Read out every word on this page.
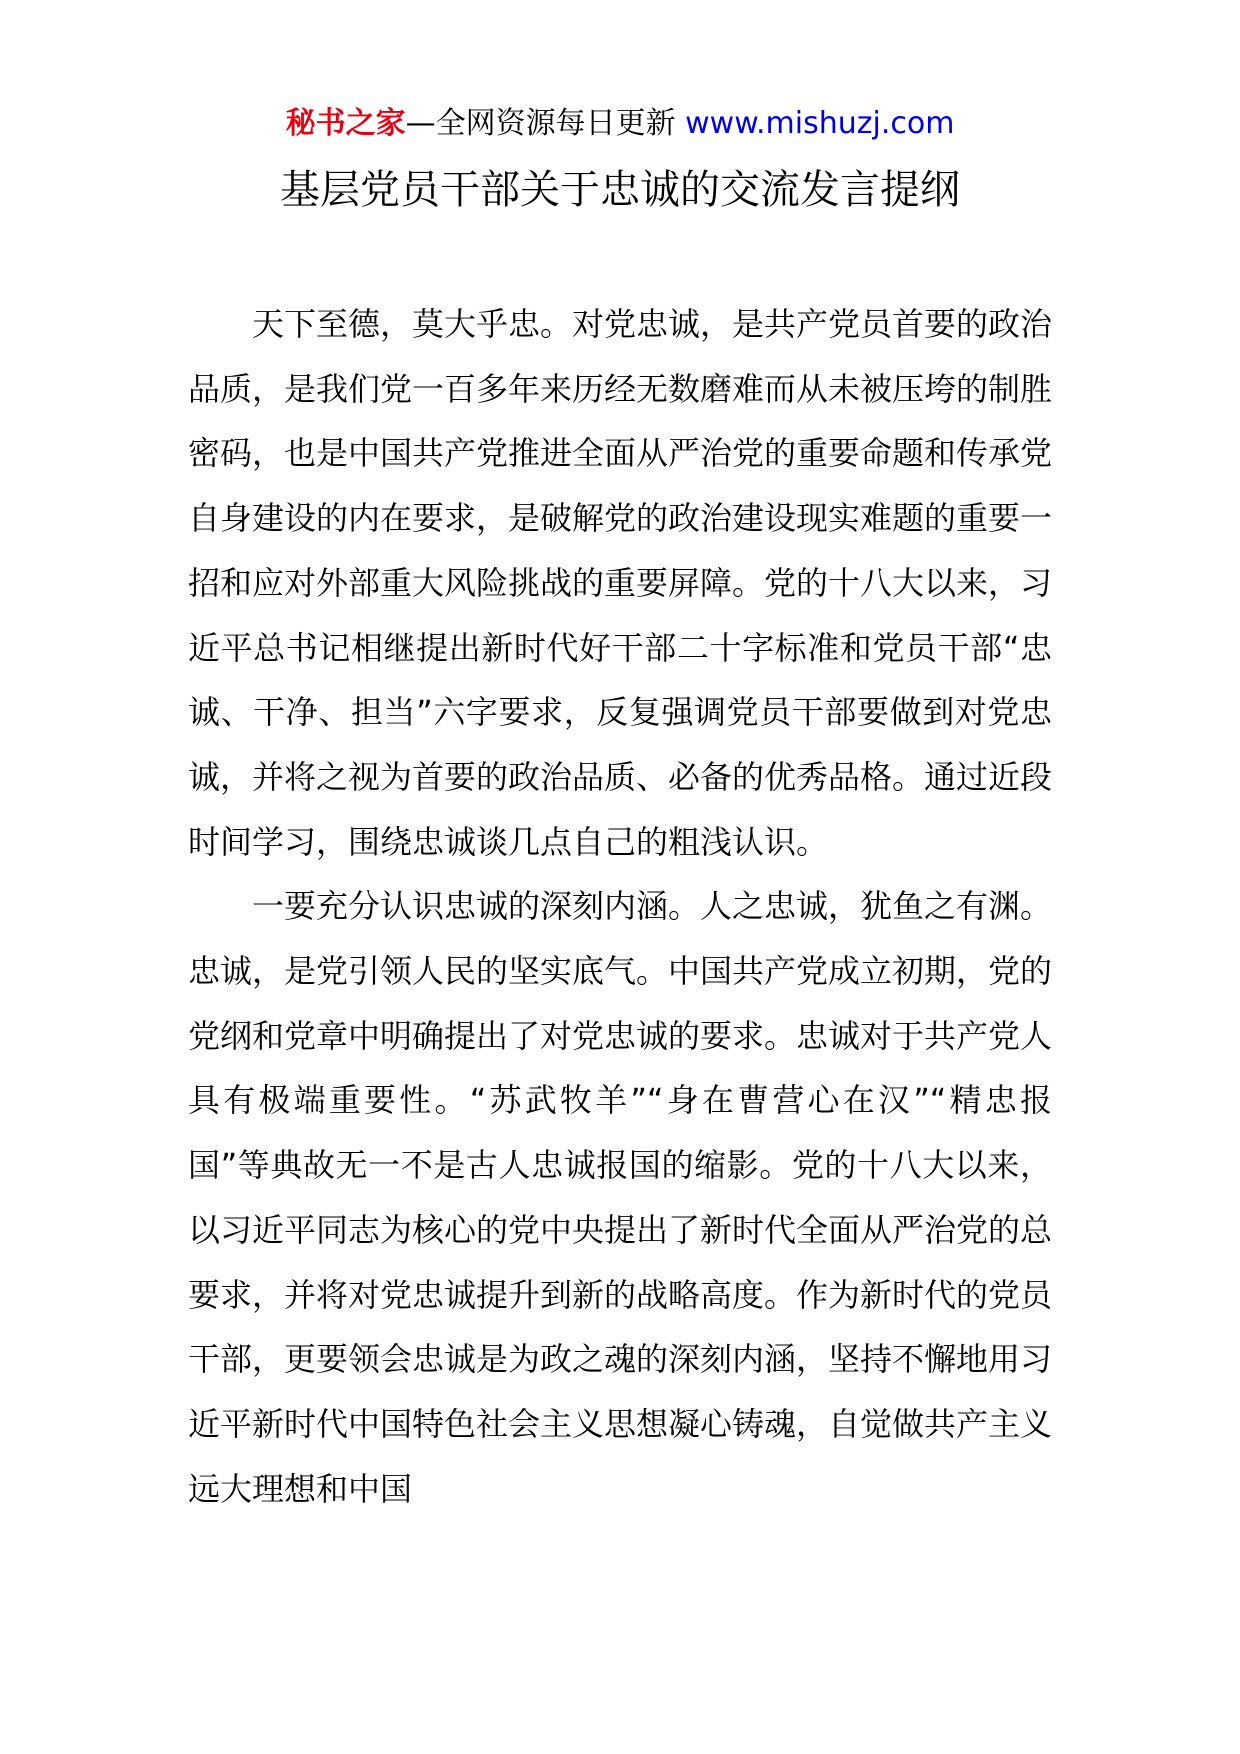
秘书之家—全网资源每日更新 www.mishuzj.com
基层党员干部关于忠诚的交流发言提纲

天下至德，莫大乎忠。对党忠诚，是共产党员首要的政治品质，是我们党一百多年来历经无数磨难而从未被压垮的制胜密码，也是中国共产党推进全面从严治党的重要命题和传承党自身建设的内在要求，是破解党的政治建设现实难题的重要一招和应对外部重大风险挑战的重要屏障。党的十八大以来，习近平总书记相继提出新时代好干部二十字标准和党员干部“忠诚、干净、担当”六字要求，反复强调党员干部要做到对党忠诚，并将之视为首要的政治品质、必备的优秀品格。通过近段时间学习，围绕忠诚谈几点自己的粗浅认识。

一要充分认识忠诚的深刻内涵。人之忠诚，犹鱼之有渊。忠诚，是党引领人民的坚实底气。中国共产党成立初期，党的党纲和党章中明确提出了对党忠诚的要求。忠诚对于共产党人具有极端重要性。“苏武牧羊”“身在曹营心在汉”“精忠报国”等典故无一不是古人忠诚报国的缩影。党的十八大以来，以习近平同志为核心的党中央提出了新时代全面从严治党的总要求，并将对党忠诚提升到新的战略高度。作为新时代的党员干部，更要领会忠诚是为政之魂的深刻内涵，坚持不懈地用习近平新时代中国特色社会主义思想凝心铸魂，自觉做共产主义远大理想和中国
